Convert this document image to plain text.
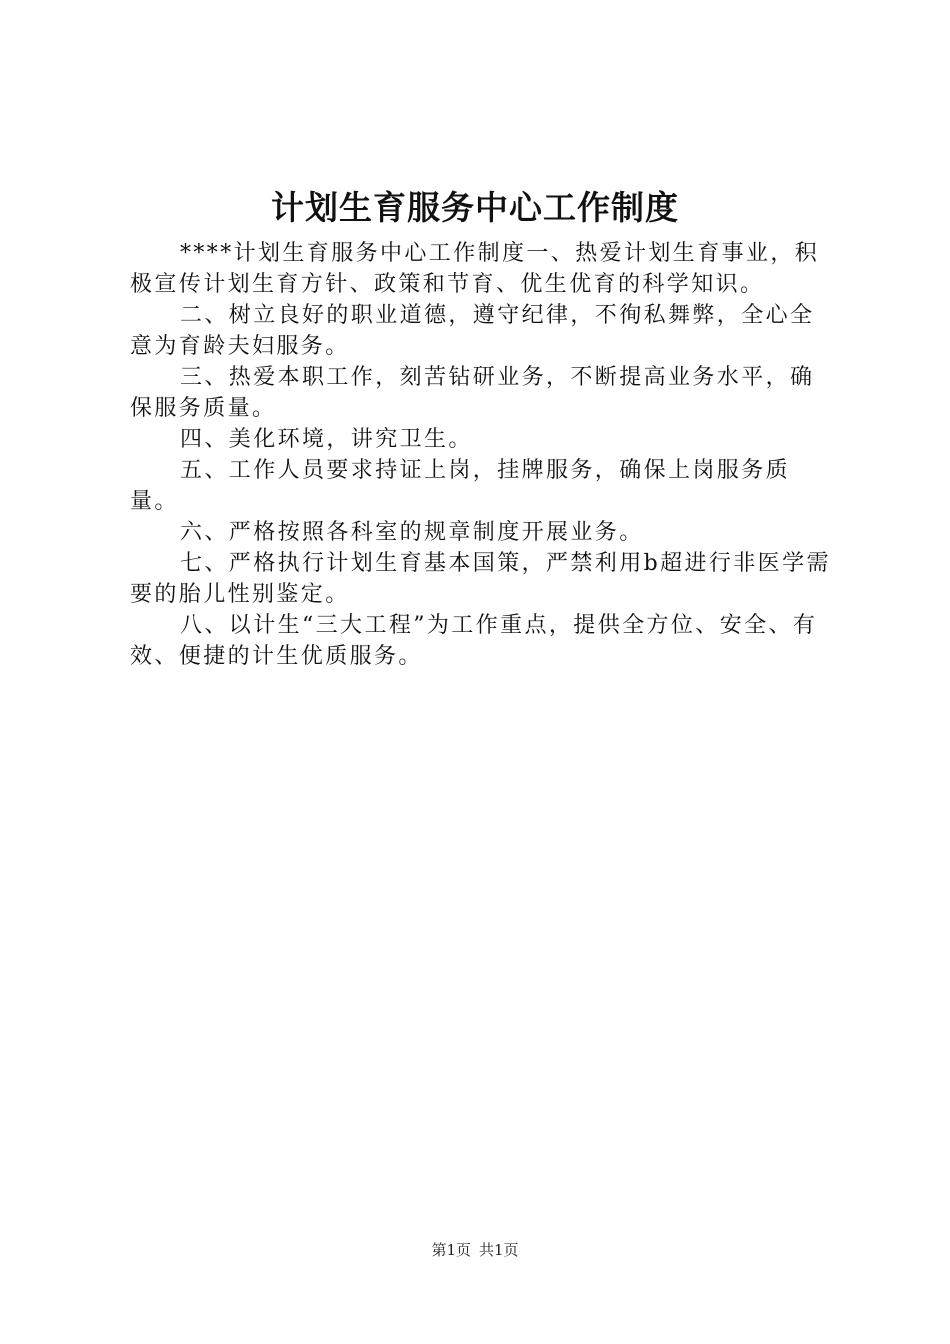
计划生育服务中心工作制度

****计划生育服务中心工作制度一、热爱计划生育事业，积极宣传计划生育方针、政策和节育、优生优育的科学知识。

二、树立良好的职业道德，遵守纪律，不徇私舞弊，全心全意为育龄夫妇服务。

三、热爱本职工作，刻苦钻研业务，不断提高业务水平，确保服务质量。

四、美化环境，讲究卫生。

五、工作人员要求持证上岗，挂牌服务，确保上岗服务质量。

六、严格按照各科室的规章制度开展业务。

七、严格执行计划生育基本国策，严禁利用b超进行非医学需要的胎儿性别鉴定。

八、以计生“三大工程”为工作重点，提供全方位、安全、有效、便捷的计生优质服务。

第1页 共1页
